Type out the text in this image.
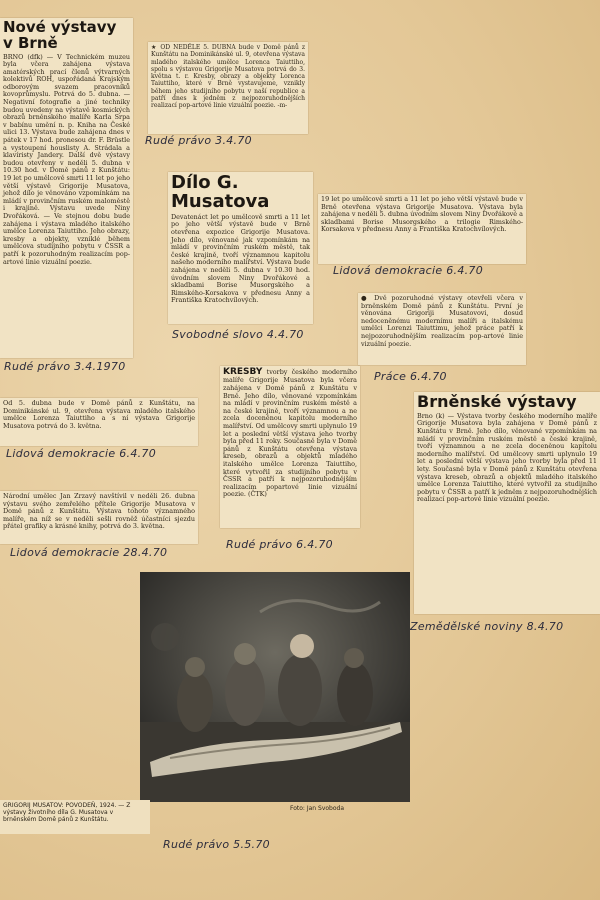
Nové výstavy v Brně

BRNO (dfk) — V Technickém muzeu byla včera zahájena výstava amatérských prací členů výtvarných kolektivů ROH, uspořádaná Krajským odborovým svazem pracovníků kovoprůmyslu. Potrvá do 5. dubna. — Negativní fotografie a jiné techniky budou uvedeny na výstavě kosmických obrazů brněnského malíře Karla Srpa v babínu umění n. p. Kniha na České ulici 13. Výstava bude zahájena dnes v pátek v 17 hod. pronesou dr. F. Brüstle a vystoupení houslisty A. Strádala a klavíristy Jandery. Další dvě výstavy budou otevřeny v neděli 5. dubna v 10.30 hod. v Domě pánů z Kunštátu: 19 let po umělcově smrti 11 let po jeho větší výstavě Grigorije Musatova, jehož dílo je věnováno vzpomínkám na mládí v provinčním ruském maloměstě i krajině. Výstavu uvede Niny Dvořáková. — Ve stejnou dobu bude zahájena i výstava mladého italského umělce Lorenza Taiuttiho. Jeho obrazy, kresby a objekty, vzniklé během umělcova studijního pobytu v ČSSR a patří k pozoruhodným realizacím pop-artové linie vizuální poezie.

Rudé právo 3.4.1970

★ OD NEDĚLE 5. DUBNA bude v Domě pánů z Kunštátu na Dominikánské ul. 9, otevřena výstava mladého italského umělce Lorenca Taiuttiho, spolu s výstavou Grigorije Musatova potrvá do 3. května t. r. Kresby, obrazy a objekty Lorenca Taiuttiho, které v Brně vystavujeme, vznikly během jeho studijního pobytu v naší republice a patří dnes k jedněm z nejpozoruhodnějších realizací pop-artové linie vizuální poezie. -m-

Rudé právo 3.4.70
Dílo G. Musatova

Devatenáct let po umělcově smrti a 11 let po jeho větší výstavě bude v Brně otevřena expozice Grigorije Musatova. Jeho dílo, věnované jak vzpomínkám na mládí v provinčním ruském městě, tak české krajině, tvoří významnou kapitolu našeho moderního malířství. Výstava bude zahájena v neděli 5. dubna v 10.30 hod. úvodním slovem Niny Dvořákové a skladbami Borise Musorgského a Rimského-Korsakova v přednesu Anny a Františka Kratochvílových.

Svobodné slovo 4.4.70

19 let po umělcově smrti a 11 let po jeho větší výstavě bude v Brně otevřena výstava Grigorije Musatova. Výstava byla zahájena v neděli 5. dubna úvodním slovem Niny Dvořákové a skladbami Borise Musorgského a trilogie Rimského-Korsakova v přednesu Anny a Františka Kratochvílových.

Lidová demokracie 6.4.70

● Dvě pozoruhodné výstavy otevřeli včera v brněnském Domě pánů z Kunštátu. První je věnována Grigoriji Musatovovi, dosud nedoceněnému modernímu malíři a italskému umělci Lorenzi Taiuttimu, jehož práce patří k nejpozoruhodnějším realizacím pop-artové linie vizuální poezie.

Práce 6.4.70

KRESBY tvorby českého moderního malíře Grigorije Musatova byla včera zahájena v Domě pánů z Kunštátu v Brně. Jeho dílo, věnované vzpomínkám na mládí v provinčním ruském městě a na české krajině, tvoří významnou a ne zcela doceněnou kapitolu moderního malířství. Od umělcovy smrti uplynulo 19 let a poslední větší výstava jeho tvorby byla před 11 roky. Současně byla v Domě pánů z Kunštátu otevřena výstava kreseb, obrazů a objektů mladého italského umělce Lorenza Taiuttiho, které vytvořil za studijního pobytu v ČSSR a patří k nejpozoruhodnějším realizacím popartové linie vizuální poezie. (ČTK)

Rudé právo 6.4.70

Od 5. dubna bude v Domě pánů z Kunštátu, na Dominikánské ul. 9, otevřena výstava mladého italského umělce Lorenza Taiuttiho a s ní výstava Grigorije Musatova potrvá do 3. května.

Lidová demokracie 6.4.70
Brněnské výstavy

Brno (k) — Výstava tvorby českého moderního malíře Grigorije Musatova byla zahájena v Domě pánů z Kunštátu v Brně. Jeho dílo, věnované vzpomínkám na mládí v provinčním ruském městě a české krajině, tvoří významnou a ne zcela doceněnou kapitolu moderního malířství. Od umělcovy smrti uplynulo 19 let a poslední větší výstava jeho tvorby byla před 11 lety. Současně byla v Domě pánů z Kunštátu otevřena výstava kreseb, obrazů a objektů mladého italského umělce Lorenza Taiuttiho, které vytvořil za studijního pobytu v ČSSR a patří k jedněm z nejpozoruhodnějších realizací pop-artové linie vizuální poezie.

Zemědělské noviny 8.4.70

Národní umělec Jan Zrzavý navštívil v neděli 26. dubna výstavu svého zemřelého přítele Grigorije Musatova v Domě pánů z Kunštátu. Výstava tohoto významného malíře, na níž se v neděli sešli rovněž účastníci sjezdu přátel grafiky a krásné knihy, potrvá do 3. května.

Lidová demokracie 28.4.70
GRIGORIJ MUSATOV: POVODEŇ, 1924. — Z výstavy životního díla G. Musatova v brněnském Domě pánů z Kunštátu.
Foto: Jan Svoboda
Rudé právo 5.5.70
